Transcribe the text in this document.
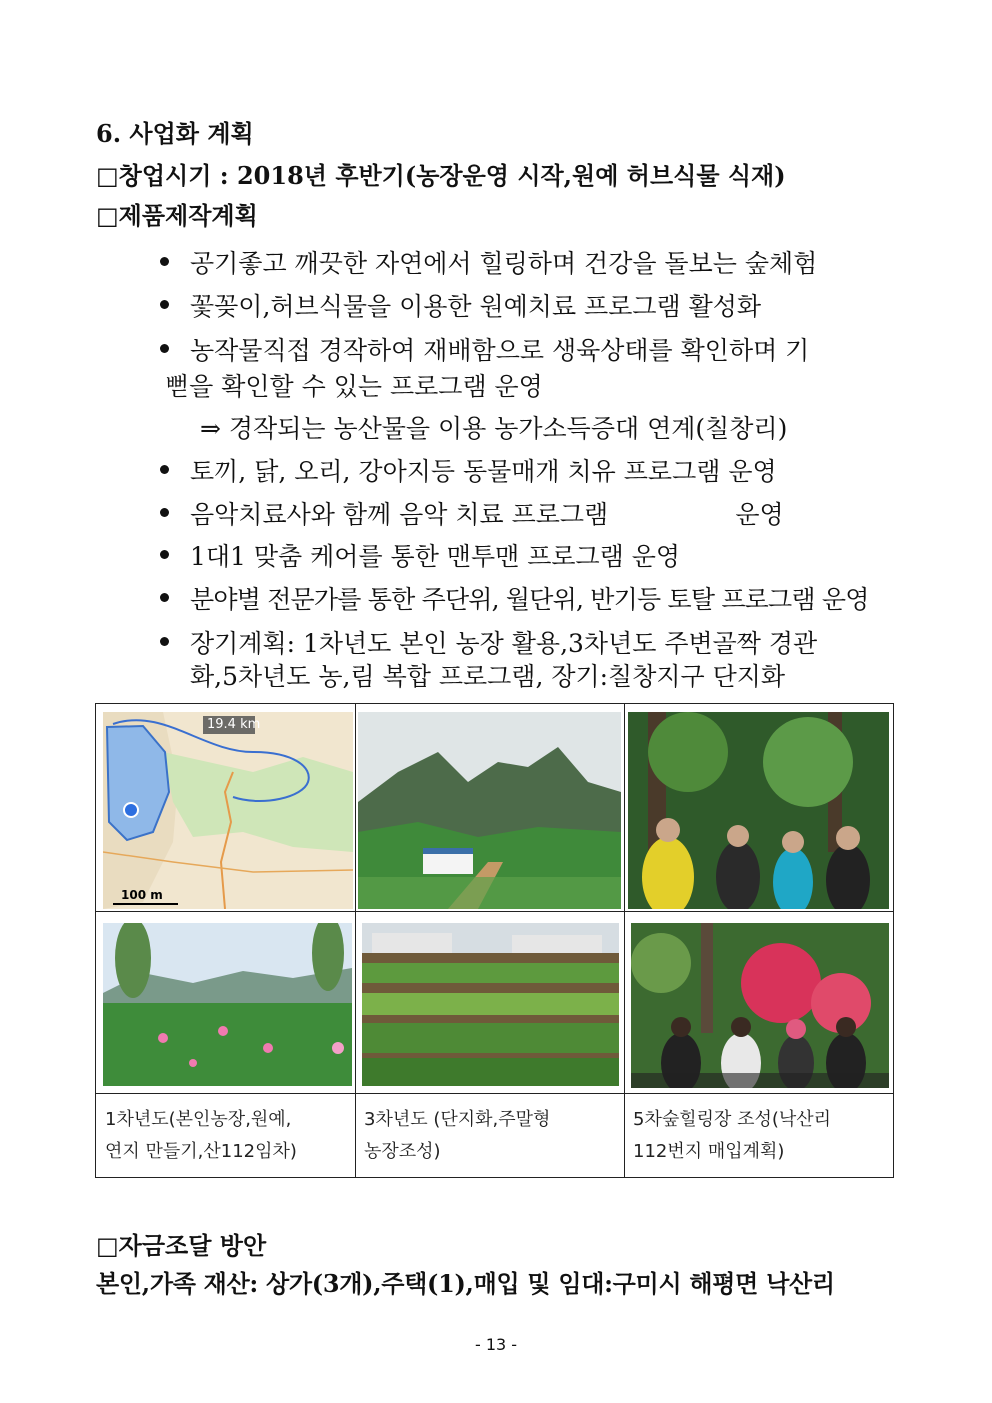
6. 사업화 계획
□창업시기 : 2018년 후반기(농장운영 시작,원예 허브식물 식재)
□제품제작계획
공기좋고 깨끗한 자연에서 힐링하며 건강을 돌보는 숲체험
꽃꽂이,허브식물을 이용한 원예치료 프로그램 활성화
농작물직접 경작하여 재배함으로 생육상태를 확인하며 기
뻗을 확인할 수 있는 프로그램 운영
⇒ 경작되는 농산물을 이용 농가소득증대 연계(칠창리)
토끼, 닭, 오리, 강아지등 동물매개 치유 프로그램 운영
음악치료사와 함께 음악 치료 프로그램                운영
1대1 맞춤 케어를 통한 맨투맨 프로그램 운영
분야별 전문가를 통한 주단위, 월단위, 반기등 토탈 프로그램 운영
장기계획: 1차년도 본인 농장 활용,3차년도 주변골짝 경관
화,5차년도 농,림 복합 프로그램, 장기:칠창지구 단지화
19.4 km
100 m
1차년도(본인농장,원예,
연지 만들기,산112임차)
3차년도 (단지화,주말형
농장조성)
5차숲힐링장 조성(낙산리
112번지 매입계획)
□자금조달 방안
본인,가족 재산: 상가(3개),주택(1),매입 및 임대:구미시 해평면 낙산리
- 13 -
